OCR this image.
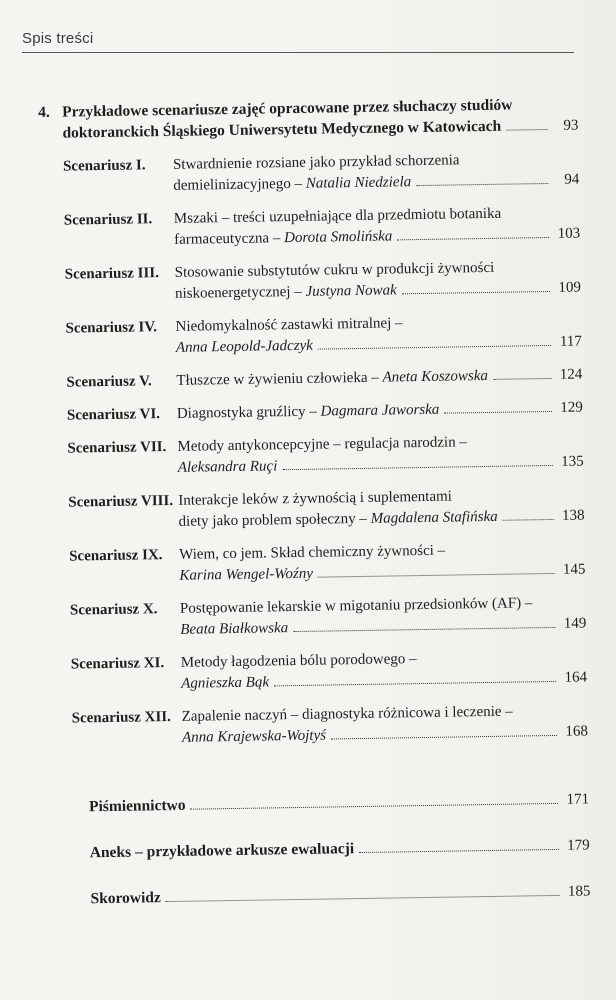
Spis treści
4. Przykładowe scenariusze zajęć opracowane przez słuchaczy studiów
doktoranckich Śląskiego Uniwersytetu Medycznego w Katowicach	93
Scenariusz I.	Stwardnienie rozsiane jako przykład schorzenia
demielinizacyjnego – Natalia Niedziela	94
Scenariusz II.	Mszaki – treści uzupełniające dla przedmiotu botanika
farmaceutyczna – Dorota Smolińska	103
Scenariusz III.	Stosowanie substytutów cukru w produkcji żywności
niskoenergetycznej – Justyna Nowak	109
Scenariusz IV.	Niedomykalność zastawki mitralnej –
Anna Leopold-Jadczyk	117
Scenariusz V.	Tłuszcze w żywieniu człowieka – Aneta Koszowska	124
Scenariusz VI.	Diagnostyka gruźlicy – Dagmara Jaworska	129
Scenariusz VII. Metody antykoncepcyjne – regulacja narodzin –
Aleksandra Ruçi	135
Scenariusz VIII. Interakcje leków z żywnością i suplementami
diety jako problem społeczny – Magdalena Stafińska	138
Scenariusz IX.	Wiem, co jem. Skład chemiczny żywności –
Karina Wengel-Woźny	145
Scenariusz X.	Postępowanie lekarskie w migotaniu przedsionków (AF) –
Beata Białkowska	149
Scenariusz XI.	Metody łagodzenia bólu porodowego –
Agnieszka Bąk	164
Scenariusz XII. Zapalenie naczyń – diagnostyka różnicowa i leczenie –
Anna Krajewska-Wojtyś	168
Piśmiennictwo	171
Aneks – przykładowe arkusze ewaluacji	179
Skorowidz	185
